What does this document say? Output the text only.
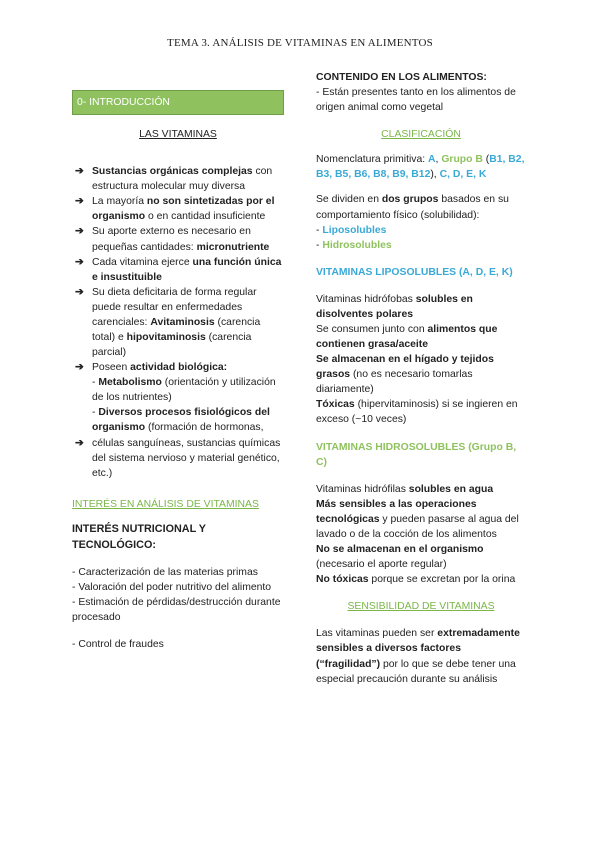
TEMA 3. ANÁLISIS DE VITAMINAS EN ALIMENTOS
0- INTRODUCCIÓN
LAS VITAMINAS
➔ Sustancias orgánicas complejas con estructura molecular muy diversa
➔ La mayoría no son sintetizadas por el organismo o en cantidad insuficiente
➔ Su aporte externo es necesario en pequeñas cantidades: micronutriente
➔ Cada vitamina ejerce una función única e insustituible
➔ Su dieta deficitaria de forma regular puede resultar en enfermedades carenciales: Avitaminosis (carencia total) e hipovitaminosis (carencia parcial)
➔ Poseen actividad biológica:
- Metabolismo (orientación y utilización de los nutrientes)
- Diversos procesos fisiológicos del organismo (formación de hormonas,
➔ células sanguíneas, sustancias químicas del sistema nervioso y material genético, etc.)
INTERÉS EN ANÁLISIS DE VITAMINAS
INTERÉS NUTRICIONAL Y TECNOLÓGICO:

- Caracterización de las materias primas

- Valoración del poder nutritivo del alimento

- Estimación de pérdidas/destrucción durante procesado

- Control de fraudes

CONTENIDO EN LOS ALIMENTOS:

- Están presentes tanto en los alimentos de origen animal como vegetal

CLASIFICACIÓN

Nomenclatura primitiva: A, Grupo B (B1, B2, B3, B5, B6, B8, B9, B12), C, D, E, K

Se dividen en dos grupos basados en su comportamiento físico (solubilidad):

- Liposolubles

- Hidrosolubles

VITAMINAS LIPOSOLUBLES (A, D, E, K)

Vitaminas hidrófobas solubles en disolventes polares

Se consumen junto con alimentos que contienen grasa/aceite

Se almacenan en el hígado y tejidos grasos (no es necesario tomarlas diariamente)

Tóxicas (hipervitaminosis) si se ingieren en exceso (~10 veces)

VITAMINAS HIDROSOLUBLES (Grupo B, C)

Vitaminas hidrófilas solubles en agua

Más sensibles a las operaciones tecnológicas y pueden pasarse al agua del lavado o de la cocción de los alimentos

No se almacenan en el organismo
(necesario el aporte regular)

No tóxicas porque se excretan por la orina

SENSIBILIDAD DE VITAMINAS

Las vitaminas pueden ser extremadamente sensibles a diversos factores (“fragilidad”) por lo que se debe tener una especial precaución durante su análisis
